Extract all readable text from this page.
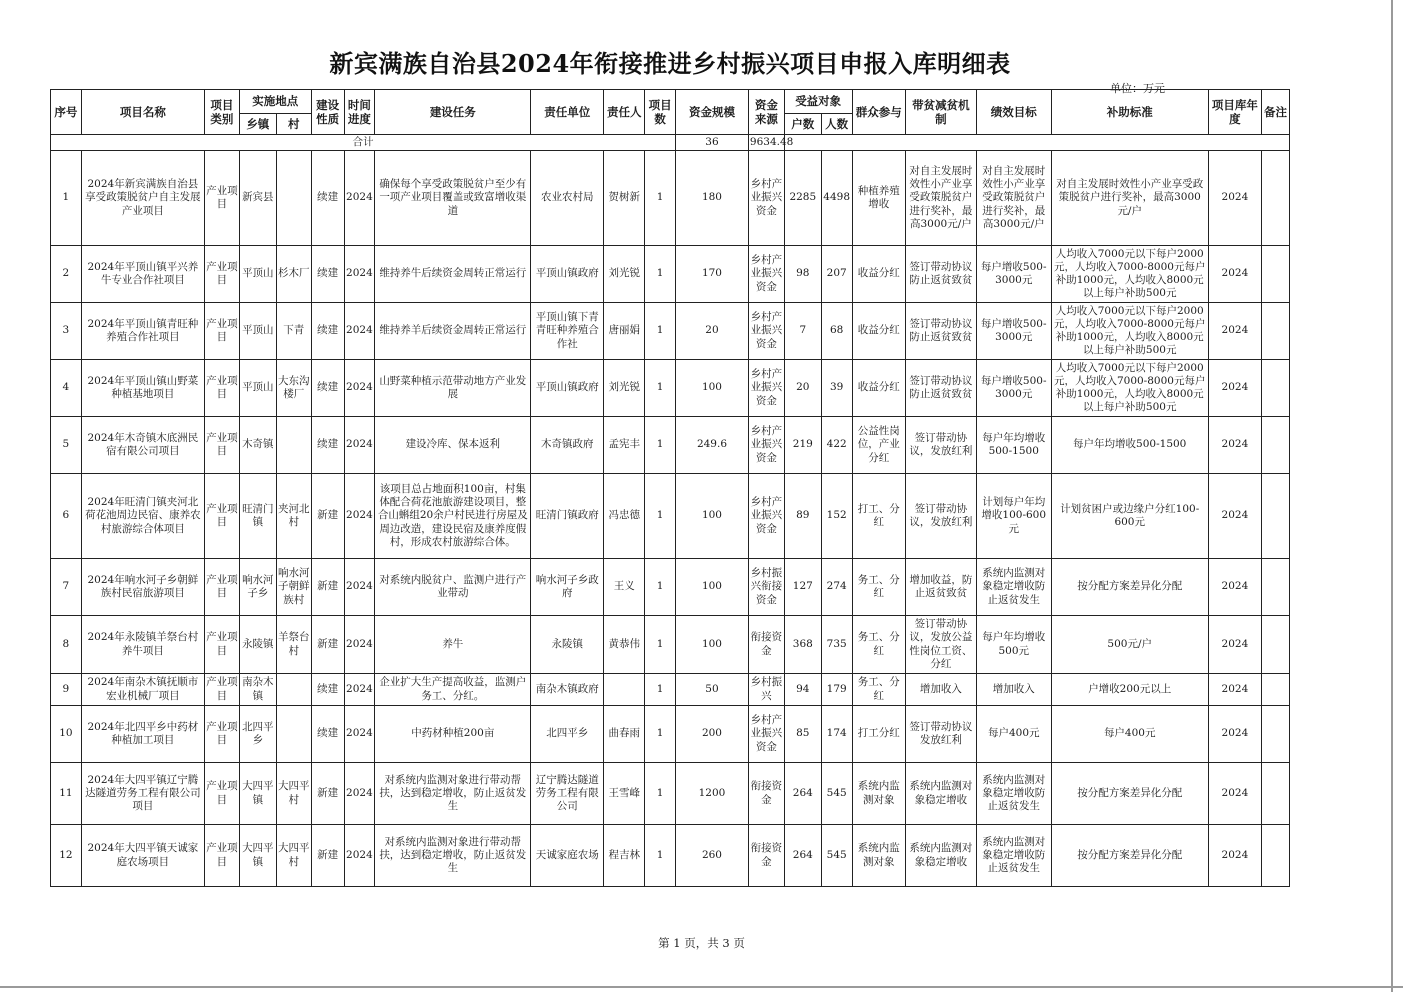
新宾满族自治县2024年衔接推进乡村振兴项目申报入库明细表
单位：万元
序号	项目名称	项目类别	实施地点		建设性质	时间进度	建设任务	责任单位	责任人	项目数	资金规模	资金来源	受益对象		群众参与	带贫减贫机制	绩效目标	补助标准	项目库年度	备注
			乡镇	村									户数	人数						
合计											36	9634.48								
1	2024年新宾满族自治县享受政策脱贫户自主发展产业项目	产业项目	新宾县		续建	2024	确保每个享受政策脱贫户至少有一项产业项目覆盖或致富增收渠道	农业农村局	贺树新	1	180	乡村产业振兴资金	2285	4498	种植养殖增收	对自主发展时效性小产业享受政策脱贫户进行奖补，最高3000元/户	对自主发展时效性小产业享受政策脱贫户进行奖补，最高3000元/户	对自主发展时效性小产业享受政策脱贫户进行奖补，最高3000元/户	2024	
2	2024年平顶山镇平兴养牛专业合作社项目	产业项目	平顶山	杉木厂	续建	2024	维持养牛后续资金周转正常运行	平顶山镇政府	刘光锐	1	170	乡村产业振兴资金	98	207	收益分红	签订带动协议防止返贫致贫	每户增收500-3000元	人均收入7000元以下每户2000元，人均收入7000-8000元每户补助1000元，人均收入8000元以上每户补助500元	2024	
3	2024年平顶山镇青旺种养殖合作社项目	产业项目	平顶山	下青	续建	2024	维持养羊后续资金周转正常运行	平顶山镇下青青旺种养殖合作社	唐丽娟	1	20	乡村产业振兴资金	7	68	收益分红	签订带动协议防止返贫致贫	每户增收500-3000元	人均收入7000元以下每户2000元，人均收入7000-8000元每户补助1000元，人均收入8000元以上每户补助500元	2024	
4	2024年平顶山镇山野菜种植基地项目	产业项目	平顶山	大东沟楼厂	续建	2024	山野菜种植示范带动地方产业发展	平顶山镇政府	刘光锐	1	100	乡村产业振兴资金	20	39	收益分红	签订带动协议防止返贫致贫	每户增收500-3000元	人均收入7000元以下每户2000元，人均收入7000-8000元每户补助1000元，人均收入8000元以上每户补助500元	2024	
5	2024年木奇镇木底洲民宿有限公司项目	产业项目	木奇镇		续建	2024	建设冷库、保本返利	木奇镇政府	孟宪丰	1	249.6	乡村产业振兴资金	219	422	公益性岗位，产业分红	签订带动协议，发放红利	每户年均增收500-1500	每户年均增收500-1500	2024	
6	2024年旺清门镇夹河北荷花池周边民宿、康养农村旅游综合体项目	产业项目	旺清门镇	夹河北村	新建	2024	该项目总占地面积100亩，村集体配合荷花池旅游建设项目，整合山蝌组20余户村民进行房屋及周边改造，建设民宿及康养度假村，形成农村旅游综合体。	旺清门镇政府	冯忠德	1	100	乡村产业振兴资金	89	152	打工、分红	签订带动协议，发放红利	计划每户年均增收100-600元	计划贫困户或边缘户分红100-600元	2024	
7	2024年响水河子乡朝鲜族村民宿旅游项目	产业项目	响水河子乡	响水河子朝鲜族村	新建	2024	对系统内脱贫户、监测户进行产业带动	响水河子乡政府	王义	1	100	乡村振兴衔接资金	127	274	务工、分红	增加收益，防止返贫致贫	系统内监测对象稳定增收防止返贫发生	按分配方案差异化分配	2024	
8	2024年永陵镇羊祭台村养牛项目	产业项目	永陵镇	羊祭台村	新建	2024	养牛	永陵镇	黄恭伟	1	100	衔接资金	368	735	务工、分红	签订带动协议，发放公益性岗位工资、分红	每户年均增收500元	500元/户	2024	
9	2024年南杂木镇抚顺市宏业机械厂项目	产业项目	南杂木镇		续建	2024	企业扩大生产提高收益，监测户务工、分红。	南杂木镇政府		1	50	乡村振兴	94	179	务工、分红	增加收入	增加收入	户增收200元以上	2024	
10	2024年北四平乡中药材种植加工项目	产业项目	北四平乡		续建	2024	中药材种植200亩	北四平乡	曲春雨	1	200	乡村产业振兴资金	85	174	打工分红	签订带动协议发放红利	每户400元	每户400元	2024	
11	2024年大四平镇辽宁腾达隧道劳务工程有限公司项目	产业项目	大四平镇	大四平村	新建	2024	对系统内监测对象进行带动帮扶，达到稳定增收，防止返贫发生	辽宁腾达隧道劳务工程有限公司	王雪峰	1	1200	衔接资金	264	545	系统内监测对象	系统内监测对象稳定增收	系统内监测对象稳定增收防止返贫发生	按分配方案差异化分配	2024	
12	2024年大四平镇天诚家庭农场项目	产业项目	大四平镇	大四平村	新建	2024	对系统内监测对象进行带动帮扶，达到稳定增收，防止返贫发生	天诚家庭农场	程吉林	1	260	衔接资金	264	545	系统内监测对象	系统内监测对象稳定增收	系统内监测对象稳定增收防止返贫发生	按分配方案差异化分配	2024	
第 1 页，共 3 页
